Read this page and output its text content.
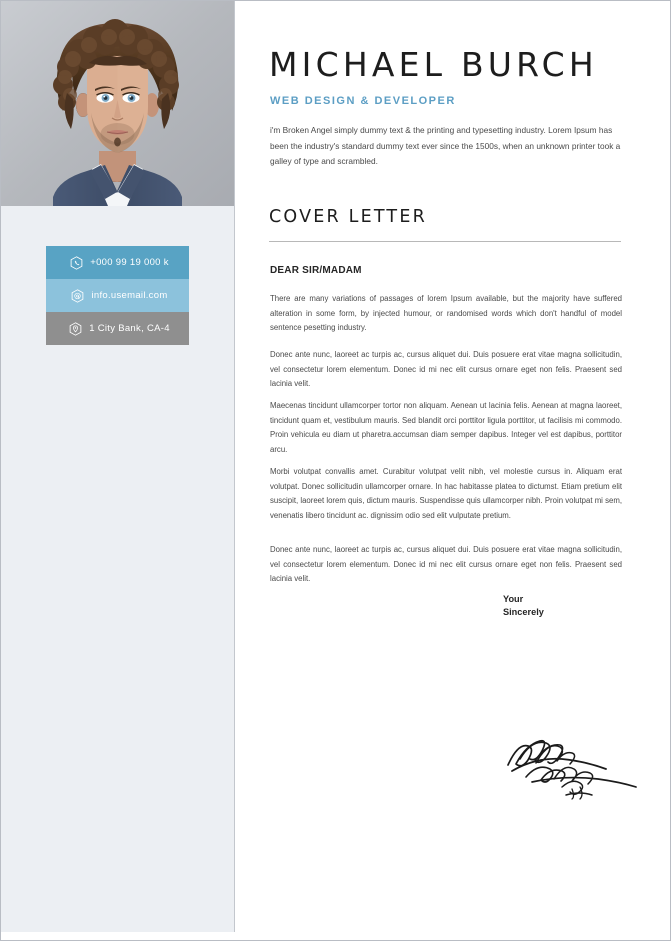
+000 99 19 000 k
info.usemail.com
1 City Bank, CA-4
MICHAEL BURCH
WEB DESIGN & DEVELOPER
i'm Broken Angel simply dummy text & the printing and typesetting industry. Lorem Ipsum has been the industry's standard dummy text ever since the 1500s, when an unknown printer took a galley of type and scrambled.
COVER LETTER
DEAR SIR/MADAM
There are many variations of passages of lorem Ipsum available, but the majority have suffered alteration in some form, by injected humour, or randomised words which don't handful of model sentence pesetting industry.
Donec ante nunc, laoreet ac turpis ac, cursus aliquet dui. Duis posuere erat vitae magna sollicitudin, vel consectetur lorem elementum. Donec id mi nec elit cursus ornare eget non felis. Praesent sed lacinia velit.
Maecenas tincidunt ullamcorper tortor non aliquam. Aenean ut lacinia felis. Aenean at magna laoreet, tincidunt quam et, vestibulum mauris. Sed blandit orci porttitor ligula porttitor, ut facilisis mi commodo. Proin vehicula eu diam ut pharetra.accumsan diam semper dapibus. Integer vel est dapibus, porttitor arcu.
Morbi volutpat convallis amet. Curabitur volutpat velit nibh, vel molestie cursus in. Aliquam erat volutpat. Donec sollicitudin ullamcorper ornare. In hac habitasse platea to dictumst. Etiam pretium elit suscipit, laoreet lorem quis, dictum mauris. Suspendisse quis ullamcorper nibh. Proin volutpat mi sem, venenatis libero tincidunt ac. dignissim odio sed elit vulputate pretium.
Donec ante nunc, laoreet ac turpis ac, cursus aliquet dui. Duis posuere erat vitae magna sollicitudin, vel consectetur lorem elementum. Donec id mi nec elit cursus ornare eget non felis. Praesent sed lacinia velit.
Your
Sincerely
